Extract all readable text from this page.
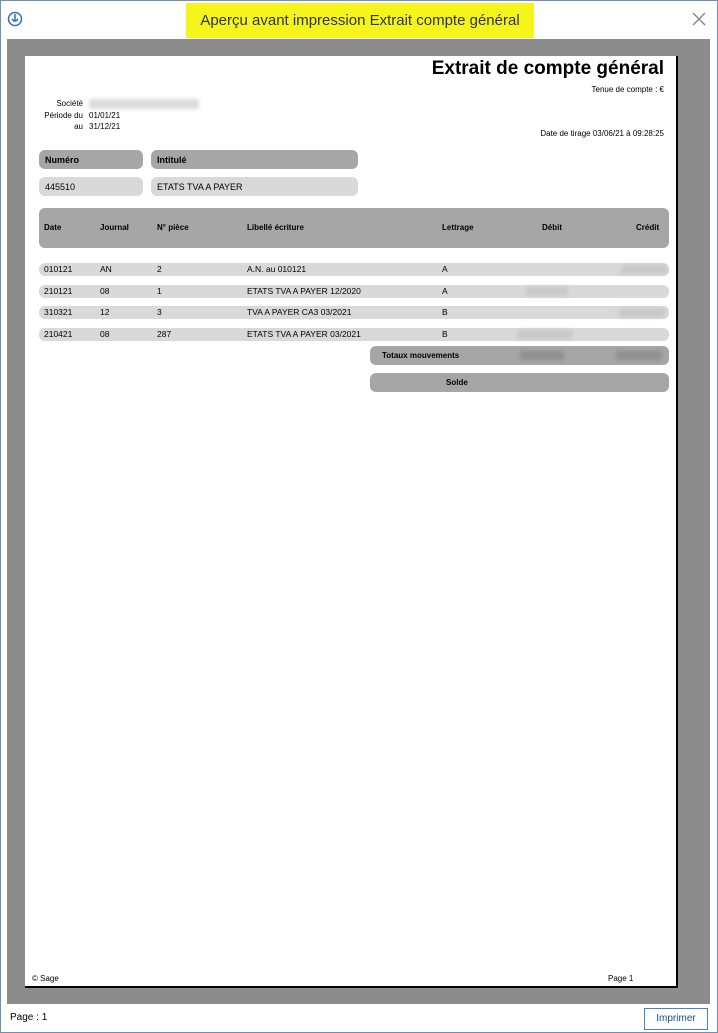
Aperçu avant impression Extrait compte général
Extrait de compte général
Tenue de compte : €
Société
Période du 01/01/21
au 31/12/21
Date de tirage 03/06/21 à 09:28:25
Numéro	Intitulé
445510	ETATS TVA A PAYER
Date	Journal	N° pièce	Libellé écriture	Lettrage	Débit	Crédit
010121	AN	2	A.N. au 010121	A
210121	08	1	ETATS TVA A PAYER 12/2020	A
310321	12	3	TVA A PAYER CA3 03/2021	B
210421	08	287	ETATS TVA A PAYER 03/2021	B
Totaux mouvements
Solde
© Sage	Page 1
Page : 1	Imprimer
